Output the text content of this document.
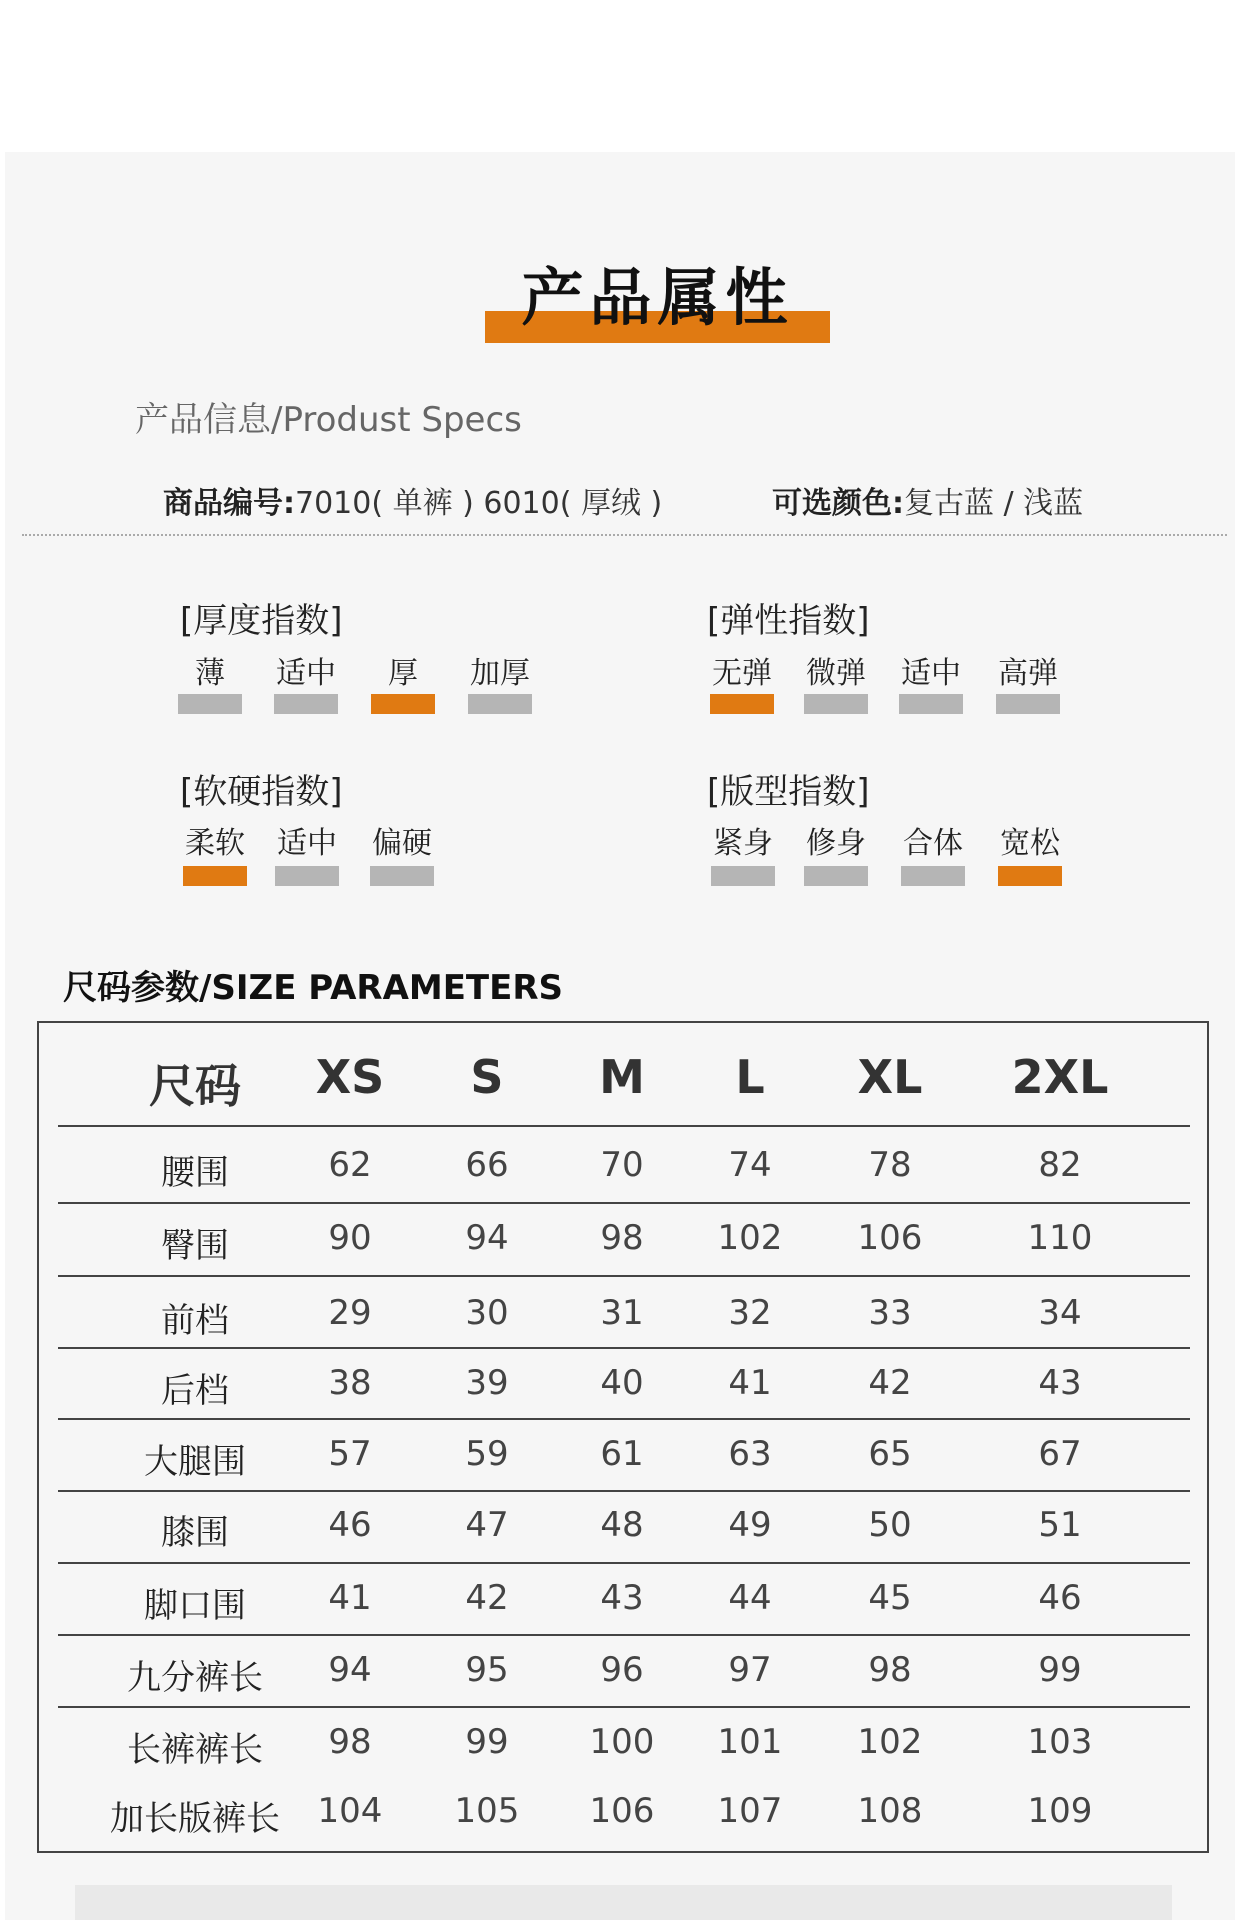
产品属性
产品信息/Produst Specs
商品编号:7010( 单裤 ) 6010( 厚绒 )	可选颜色:复古蓝 / 浅蓝
[厚度指数]
薄	适中	厚	加厚
[弹性指数]
无弹	微弹	适中	高弹
[软硬指数]
柔软	适中	偏硬
[版型指数]
紧身	修身	合体	宽松
尺码参数/SIZE PARAMETERS
尺码	XS	S	M	L	XL	2XL
腰围	62	66	70	74	78	82
臀围	90	94	98	102	106	110
前档	29	30	31	32	33	34
后档	38	39	40	41	42	43
大腿围	57	59	61	63	65	67
膝围	46	47	48	49	50	51
脚口围	41	42	43	44	45	46
九分裤长	94	95	96	97	98	99
长裤裤长	98	99	100	101	102	103
加长版裤长	104	105	106	107	108	109
